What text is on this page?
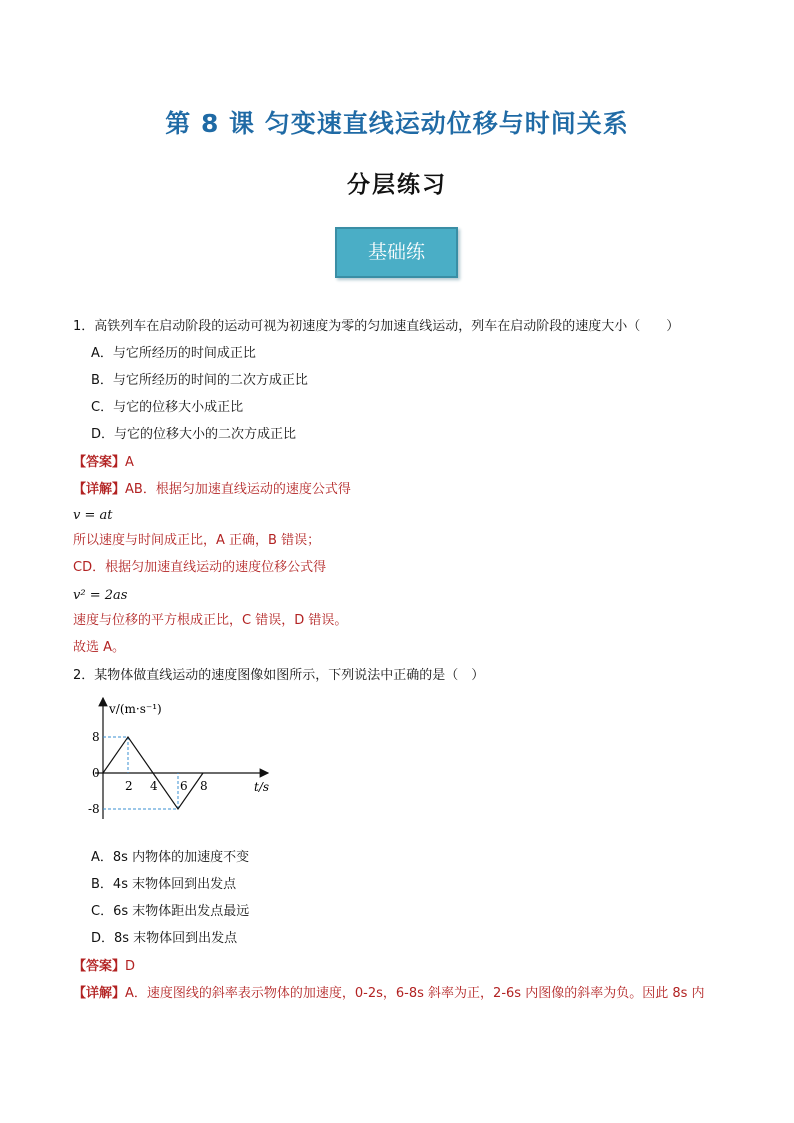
第 8 课 匀变速直线运动位移与时间关系
分层练习
基础练
1．高铁列车在启动阶段的运动可视为初速度为零的匀加速直线运动，列车在启动阶段的速度大小（　　）
A．与它所经历的时间成正比
B．与它所经历的时间的二次方成正比
C．与它的位移大小成正比
D．与它的位移大小的二次方成正比
【答案】A
【详解】AB．根据匀加速直线运动的速度公式得
v = at
所以速度与时间成正比，A 正确，B 错误；
CD．根据匀加速直线运动的速度位移公式得
v² = 2as
速度与位移的平方根成正比，C 错误，D 错误。
故选 A。
2．某物体做直线运动的速度图像如图所示，下列说法中正确的是（　）
2 4 6 8
8
0
-8
v/(m·s⁻¹)
t/s
A．8s 内物体的加速度不变
B．4s 末物体回到出发点
C．6s 末物体距出发点最远
D．8s 末物体回到出发点
【答案】D
【详解】A．速度图线的斜率表示物体的加速度，0-2s，6-8s 斜率为正，2-6s 内图像的斜率为负。因此 8s 内
